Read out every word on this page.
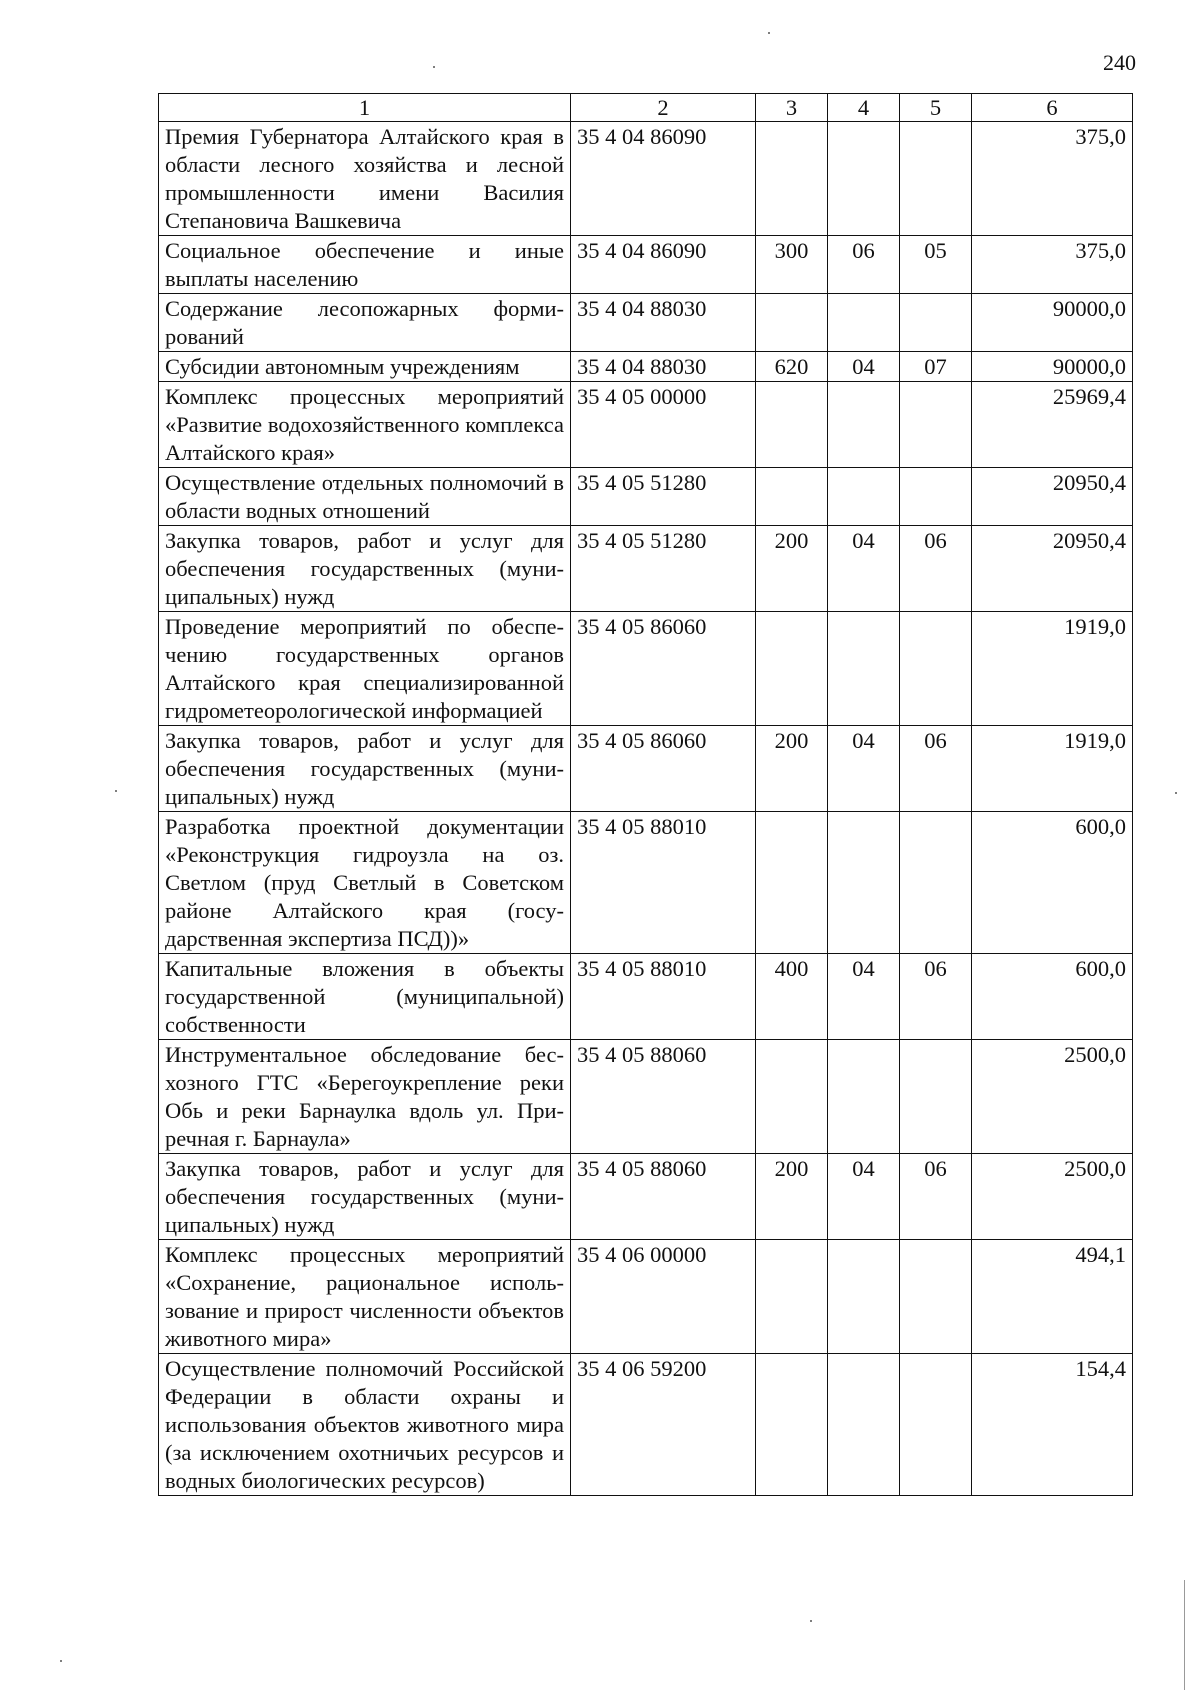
240
1	2	3	4	5	6
Премия Губернатора Алтайского края в области лесного хозяйства и лесной промышленности имени Василия Степановича Вашкевича	35 4 04 86090				375,0
Социальное обеспечение и иные выплаты населению	35 4 04 86090	300	06	05	375,0
Содержание лесопожарных формирований	35 4 04 88030				90000,0
Субсидии автономным учреждениям	35 4 04 88030	620	04	07	90000,0
Комплекс процессных мероприятий «Развитие водохозяйственного комплекса Алтайского края»	35 4 05 00000				25969,4
Осуществление отдельных полномочий в области водных отношений	35 4 05 51280				20950,4
Закупка товаров, работ и услуг для обеспечения государственных (муниципальных) нужд	35 4 05 51280	200	04	06	20950,4
Проведение мероприятий по обеспечению государственных органов Алтайского края специализированной гидрометеорологической информацией	35 4 05 86060				1919,0
Закупка товаров, работ и услуг для обеспечения государственных (муниципальных) нужд	35 4 05 86060	200	04	06	1919,0
Разработка проектной документации «Реконструкция гидроузла на оз. Светлом (пруд Светлый в Советском районе Алтайского края (государственная экспертиза ПСД))»	35 4 05 88010				600,0
Капитальные вложения в объекты государственной (муниципальной) собственности	35 4 05 88010	400	04	06	600,0
Инструментальное обследование бесхозного ГТС «Берегоукрепление реки Обь и реки Барнаулка вдоль ул. Приречная г. Барнаула»	35 4 05 88060				2500,0
Закупка товаров, работ и услуг для обеспечения государственных (муниципальных) нужд	35 4 05 88060	200	04	06	2500,0
Комплекс процессных мероприятий «Сохранение, рациональное использование и прирост численности объектов животного мира»	35 4 06 00000				494,1
Осуществление полномочий Российской Федерации в области охраны и использования объектов животного мира (за исключением охотничьих ресурсов и водных биологических ресурсов)	35 4 06 59200				154,4
